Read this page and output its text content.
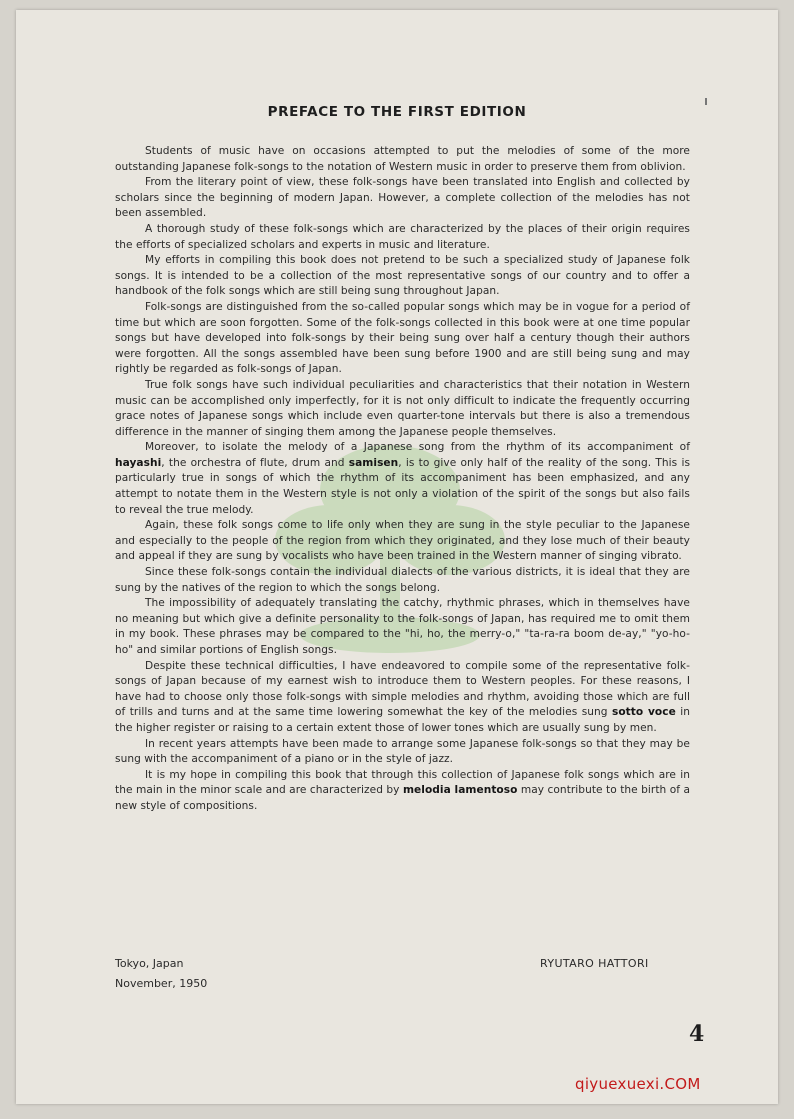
PREFACE TO THE FIRST EDITION

Students of music have on occasions attempted to put the melodies of some of the more outstanding Japanese folk-songs to the notation of Western music in order to preserve them from oblivion.

From the literary point of view, these folk-songs have been translated into English and collected by scholars since the beginning of modern Japan. However, a complete collection of the melodies has not been assembled.

A thorough study of these folk-songs which are characterized by the places of their origin requires the efforts of specialized scholars and experts in music and literature.

My efforts in compiling this book does not pretend to be such a specialized study of Japanese folk songs. It is intended to be a collection of the most representative songs of our country and to offer a handbook of the folk songs which are still being sung throughout Japan.

Folk-songs are distinguished from the so-called popular songs which may be in vogue for a period of time but which are soon forgotten. Some of the folk-songs collected in this book were at one time popular songs but have developed into folk-songs by their being sung over half a century though their authors were forgotten. All the songs assembled have been sung before 1900 and are still being sung and may rightly be regarded as folk-songs of Japan.

True folk songs have such individual peculiarities and characteristics that their notation in Western music can be accomplished only imperfectly, for it is not only difficult to indicate the frequently occurring grace notes of Japanese songs which include even quarter-tone intervals but there is also a tremendous difference in the manner of singing them among the Japanese people themselves.

Moreover, to isolate the melody of a Japanese song from the rhythm of its accompaniment of hayashi, the orchestra of flute, drum and samisen, is to give only half of the reality of the song. This is particularly true in songs of which the rhythm of its accompaniment has been emphasized, and any attempt to notate them in the Western style is not only a violation of the spirit of the songs but also fails to reveal the true melody.

Again, these folk songs come to life only when they are sung in the style peculiar to the Japanese and especially to the people of the region from which they originated, and they lose much of their beauty and appeal if they are sung by vocalists who have been trained in the Western manner of singing vibrato.

Since these folk-songs contain the individual dialects of the various districts, it is ideal that they are sung by the natives of the region to which the songs belong.

The impossibility of adequately translating the catchy, rhythmic phrases, which in themselves have no meaning but which give a definite personality to the folk-songs of Japan, has required me to omit them in my book. These phrases may be compared to the "hi, ho, the merry-o," "ta-ra-ra boom de-ay," "yo-ho-ho" and similar portions of English songs.

Despite these technical difficulties, I have endeavored to compile some of the representative folk-songs of Japan because of my earnest wish to introduce them to Western peoples. For these reasons, I have had to choose only those folk-songs with simple melodies and rhythm, avoiding those which are full of trills and turns and at the same time lowering somewhat the key of the melodies sung sotto voce in the higher register or raising to a certain extent those of lower tones which are usually sung by men.

In recent years attempts have been made to arrange some Japanese folk-songs so that they may be sung with the accompaniment of a piano or in the style of jazz.

It is my hope in compiling this book that through this collection of Japanese folk songs which are in the main in the minor scale and are characterized by melodia lamentoso may contribute to the birth of a new style of compositions.

Tokyo, Japan
November, 1950
RYUTARO HATTORI
4
qiyuexuexi.COM
